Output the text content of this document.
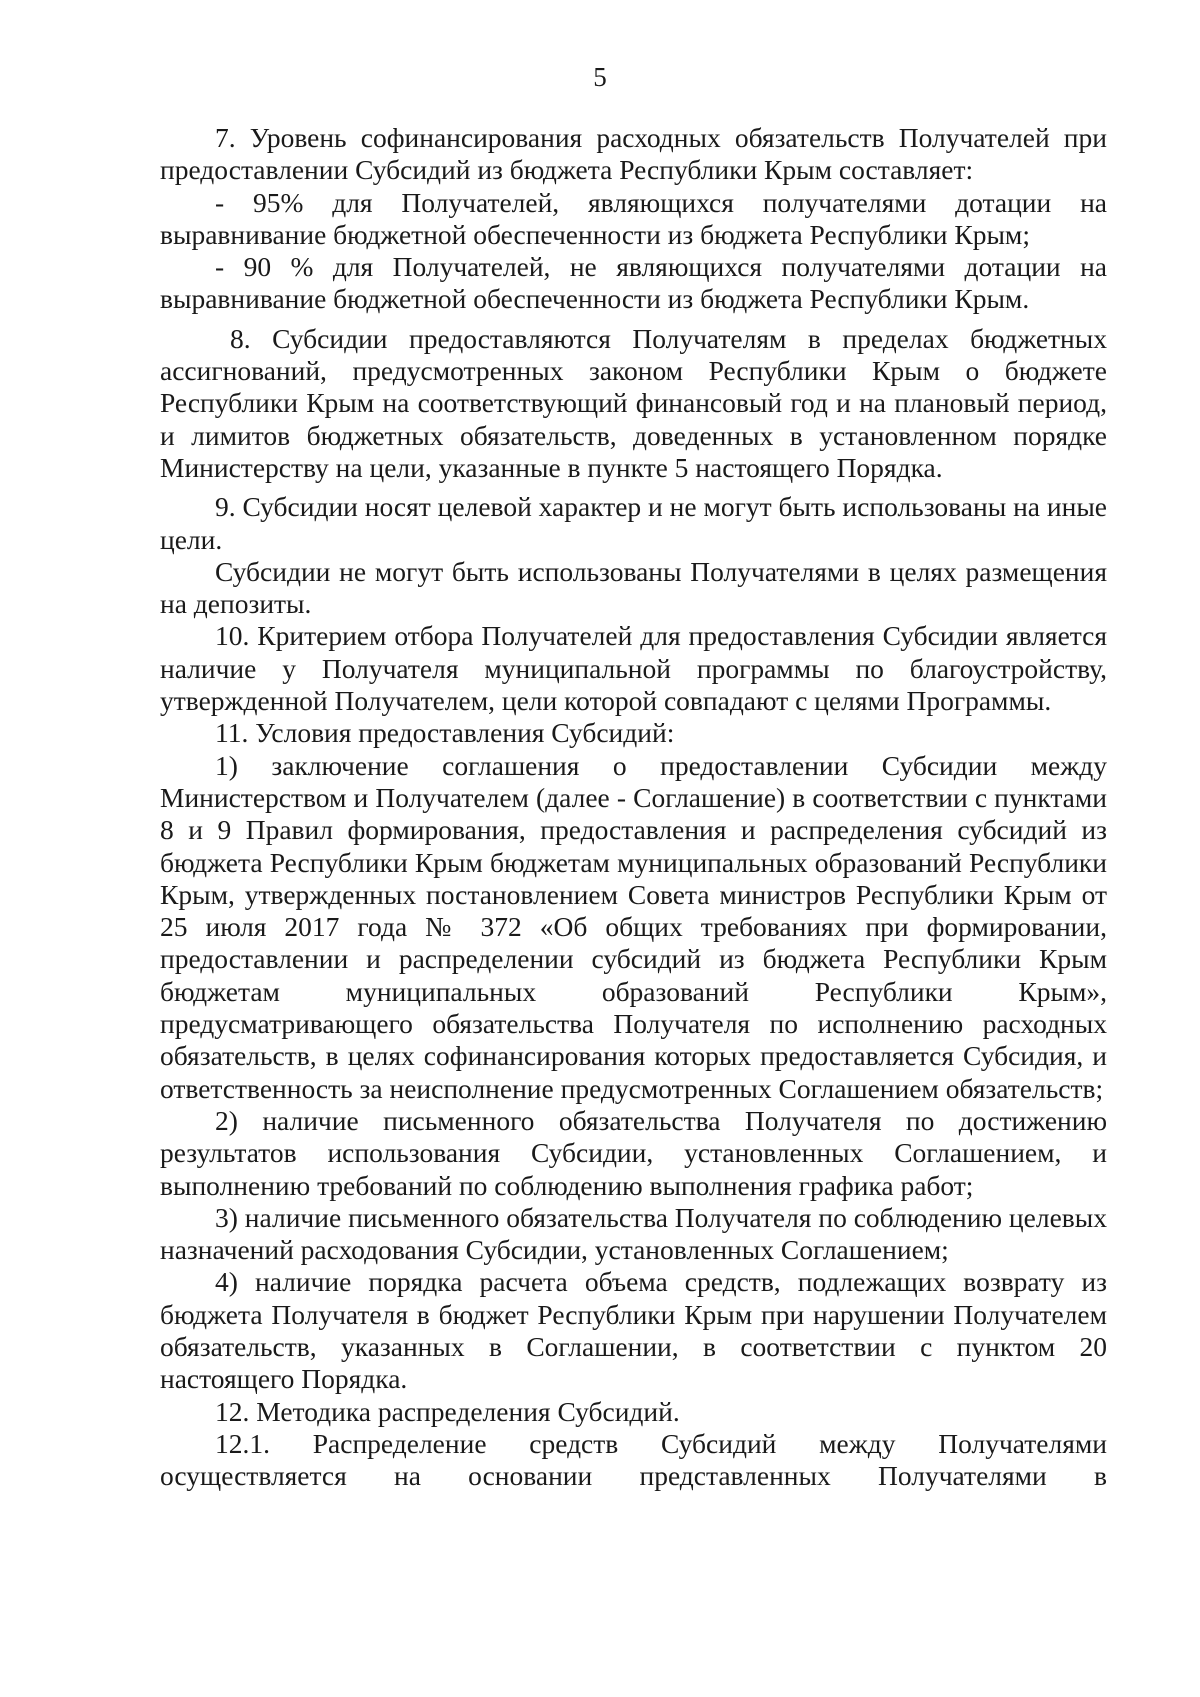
5

7. Уровень софинансирования расходных обязательств Получателей при предоставлении Субсидий из бюджета Республики Крым составляет:

- 95% для Получателей, являющихся получателями дотации на выравнивание бюджетной обеспеченности из бюджета Республики Крым;

- 90 % для Получателей, не являющихся получателями дотации на выравнивание бюджетной обеспеченности из бюджета Республики Крым.

8. Субсидии предоставляются Получателям в пределах бюджетных ассигнований, предусмотренных законом Республики Крым о бюджете Республики Крым на соответствующий финансовый год и на плановый период, и лимитов бюджетных обязательств, доведенных в установленном порядке Министерству на цели, указанные в пункте 5 настоящего Порядка.

9. Субсидии носят целевой характер и не могут быть использованы на иные цели.

Субсидии не могут быть использованы Получателями в целях размещения на депозиты.

10. Критерием отбора Получателей для предоставления Субсидии является наличие у Получателя муниципальной программы по благоустройству, утвержденной Получателем, цели которой совпадают с целями Программы.

11. Условия предоставления Субсидий:

1) заключение соглашения о предоставлении Субсидии между Министерством и Получателем (далее - Соглашение) в соответствии с пунктами 8 и 9 Правил формирования, предоставления и распределения субсидий из бюджета Республики Крым бюджетам муниципальных образований Республики Крым, утвержденных постановлением Совета министров Республики Крым от 25 июля 2017 года № 372 «Об общих требованиях при формировании, предоставлении и распределении субсидий из бюджета Республики Крым бюджетам муниципальных образований Республики Крым», предусматривающего обязательства Получателя по исполнению расходных обязательств, в целях софинансирования которых предоставляется Субсидия, и ответственность за неисполнение предусмотренных Соглашением обязательств;

2) наличие письменного обязательства Получателя по достижению результатов использования Субсидии, установленных Соглашением, и выполнению требований по соблюдению выполнения графика работ;

3) наличие письменного обязательства Получателя по соблюдению целевых назначений расходования Субсидии, установленных Соглашением;

4) наличие порядка расчета объема средств, подлежащих возврату из бюджета Получателя в бюджет Республики Крым при нарушении Получателем обязательств, указанных в Соглашении, в соответствии с пунктом 20 настоящего Порядка.

12. Методика распределения Субсидий.

12.1. Распределение средств Субсидий между Получателями осуществляется на основании представленных Получателями в
